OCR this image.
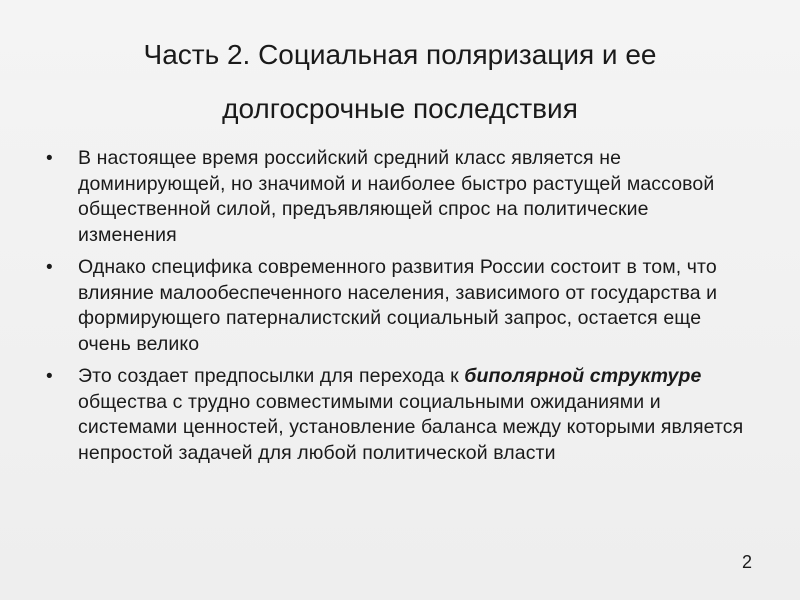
Часть 2. Социальная поляризация и ее
долгосрочные последствия
• В настоящее время российский средний класс является не доминирующей, но значимой и наиболее быстро растущей массовой общественной силой, предъявляющей спрос на политические изменения
• Однако специфика современного развития России состоит в том, что влияние малообеспеченного населения, зависимого от государства и формирующего патерналистский социальный запрос, остается еще очень велико
• Это создает предпосылки для перехода к биполярной структуре общества с трудно совместимыми социальными ожиданиями и системами ценностей, установление баланса между которыми является непростой задачей для любой политической власти
2
